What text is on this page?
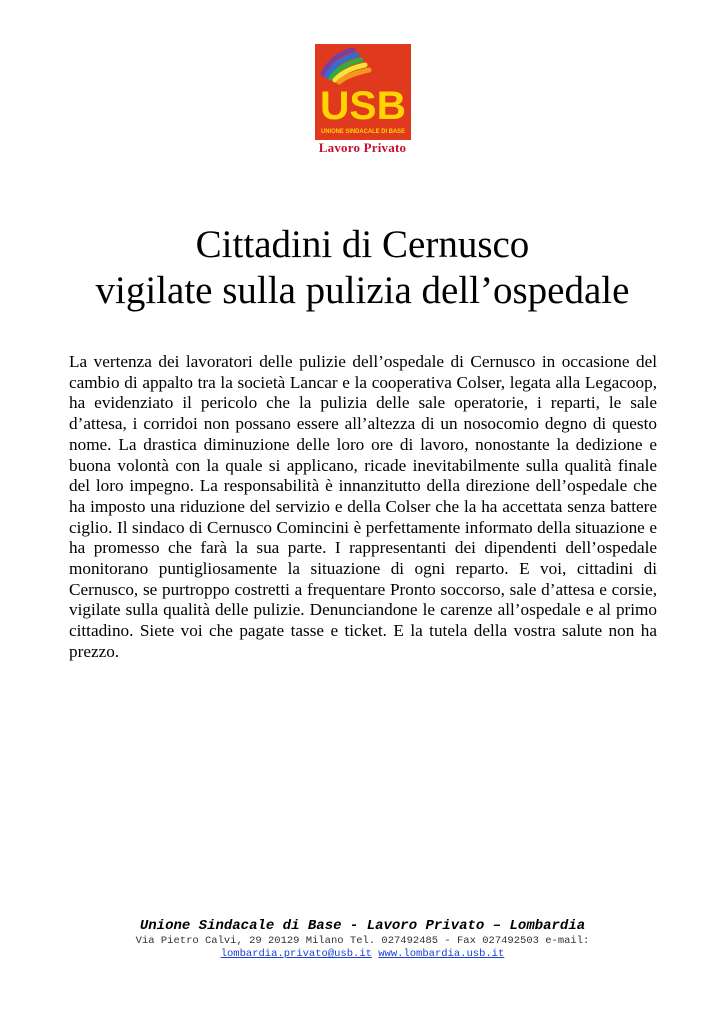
USB
UNIONE SINDACALE DI BASE
Lavoro Privato
Cittadini di Cernusco
vigilate sulla pulizia dell’ospedale

La vertenza dei lavoratori delle pulizie dell’ospedale di Cernusco in occasione del cambio di appalto tra la società Lancar e la cooperativa Colser, legata alla Legacoop, ha evidenziato il pericolo che la pulizia delle sale operatorie, i reparti, le sale d’attesa, i corridoi non possano essere all’altezza di un nosocomio degno di questo nome. La drastica diminuzione delle loro ore di lavoro, nonostante la dedizione e buona volontà con la quale si applicano, ricade inevitabilmente sulla qualità finale del loro impegno. La responsabilità è innanzitutto della direzione dell’ospedale che ha imposto una riduzione del servizio e della Colser che la ha accettata senza battere ciglio. Il sindaco di Cernusco Comincini è perfettamente informato della situazione e ha promesso che farà la sua parte. I rappresentanti dei dipendenti dell’ospedale monitorano puntigliosamente la situazione di ogni reparto. E voi, cittadini di Cernusco, se purtroppo costretti a frequentare Pronto soccorso, sale d’attesa e corsie, vigilate sulla qualità delle pulizie. Denunciandone le carenze all’ospedale e al primo cittadino. Siete voi che pagate tasse e ticket. E la tutela della vostra salute non ha prezzo.

Unione Sindacale di Base - Lavoro Privato – Lombardia
Via Pietro Calvi, 29 20129 Milano Tel. 027492485 - Fax 027492503 e-mail:
lombardia.privato@usb.it www.lombardia.usb.it
